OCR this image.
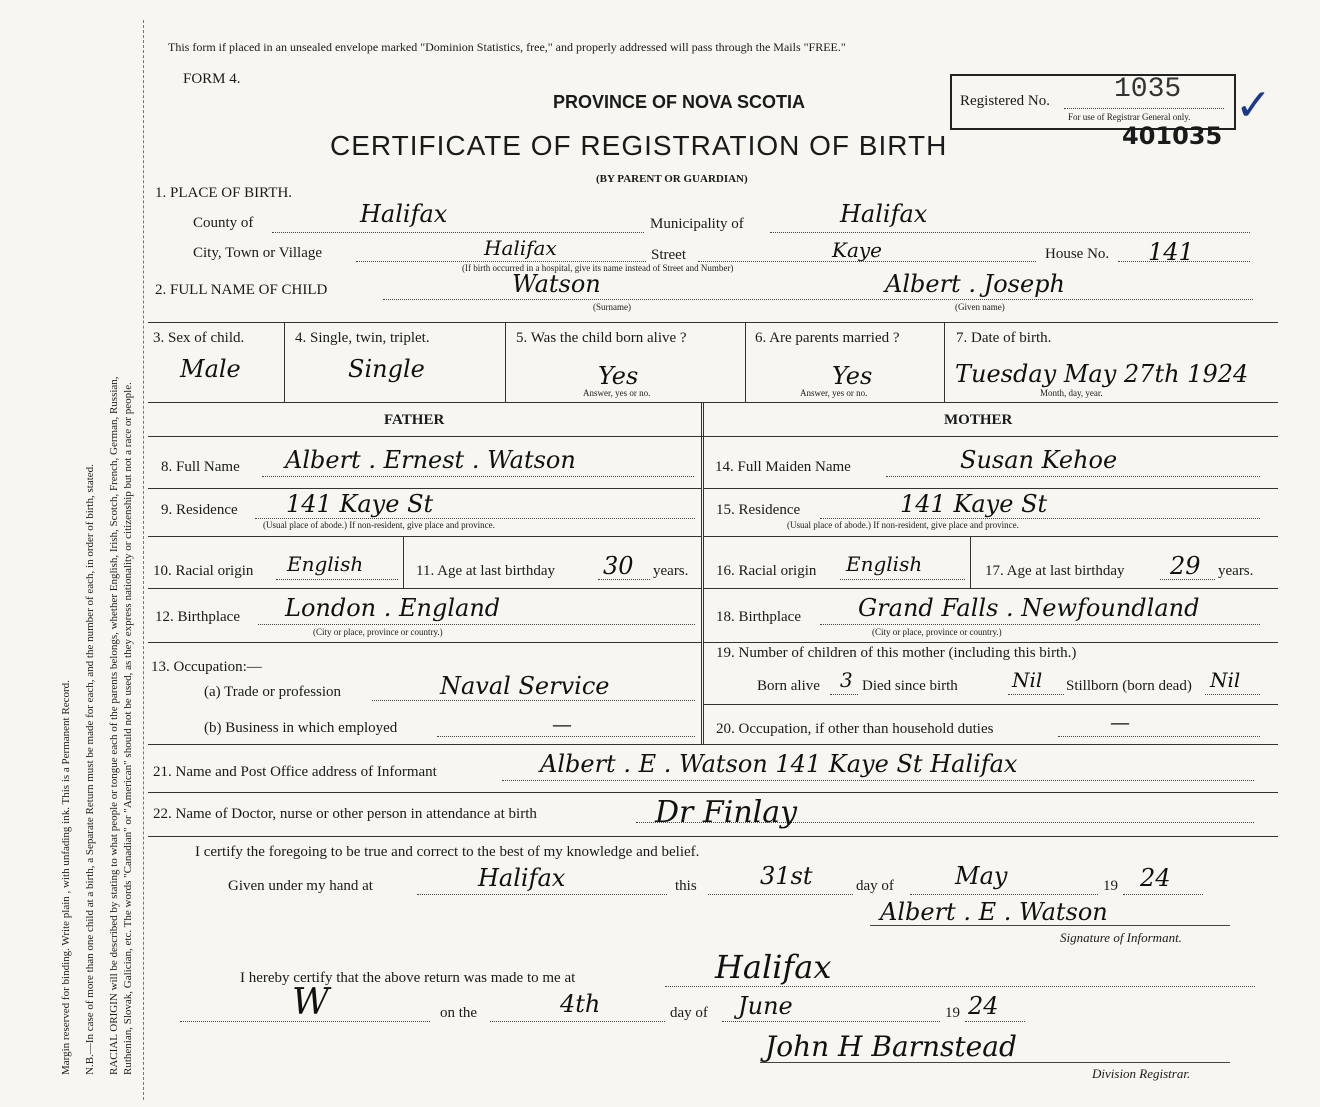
Margin reserved for binding. Write plain , with unfading ink. This is a Permanent Record. N.B.—In case of more than one child at a birth, a Separate Return must be made for each, and the number of each, in order of birth, stated. RACIAL ORIGIN will be described by stating to what people or tongue each of the parents belongs, whether English, Irish, Scotch, French, German, Russian, Ruthenian, Slovak, Galician, etc. The words "Canadian" or "American" should not be used, as they express nationality or citizenship but not a race or people.
This form if placed in an unsealed envelope marked "Dominion Statistics, free," and properly addressed will pass through the Mails "FREE."
FORM 4.
PROVINCE OF NOVA SCOTIA
CERTIFICATE OF REGISTRATION OF BIRTH
(BY PARENT OR GUARDIAN)
Registered No. 1035
For use of Registrar General only. ✓
401035
1. PLACE OF BIRTH.
County of	Halifax	Municipality of	Halifax
City, Town or Village	Halifax	Street	Kaye	House No. 141
(If birth occurred in a hospital, give its name instead of Street and Number)
2. FULL NAME OF CHILD	Watson
(Surname)
Albert . Joseph
(Given name)
3. Sex of child.
Male
4. Single, twin, triplet.
Single
5. Was the child born alive ?
Yes
Answer, yes or no.
6. Are parents married ?
Yes
Answer, yes or no.
7. Date of birth.
Tuesday May 27th 1924
Month, day, year.
FATHER	MOTHER
8. Full Name Albert . Ernest . Watson
9. Residence 141 Kaye St
(Usual place of abode.) If non-resident, give place and province.
10. Racial origin English	11. Age at last birthday 30 years.
12. Birthplace London . England
(City or place, province or country.)
13. Occupation:—
(a) Trade or profession	Naval Service
(b) Business in which employed	—
14. Full Maiden Name	Susan Kehoe
15. Residence	141 Kaye St
(Usual place of abode.) If non-resident, give place and province.
16. Racial origin English	17. Age at last birthday 29 years.
18. Birthplace Grand Falls . Newfoundland
(City or place, province or country.)
19. Number of children of this mother (including this birth.)
Born alive 3 Died since birth	Nil Stillborn (born dead) Nil
20. Occupation, if other than household duties	—
21. Name and Post Office address of Informant	Albert . E . Watson 141 Kaye St Halifax
22. Name of Doctor, nurse or other person in attendance at birth	Dr Finlay
I certify the foregoing to be true and correct to the best of my knowledge and belief.
Given under my hand at	Halifax	this	31st	day of	May	19 24
Albert . E . Watson
Signature of Informant.
I hereby certify that the above return was made to me at	Halifax
W	on the	4th	day of June	19 24
John H Barnstead
Division Registrar.
